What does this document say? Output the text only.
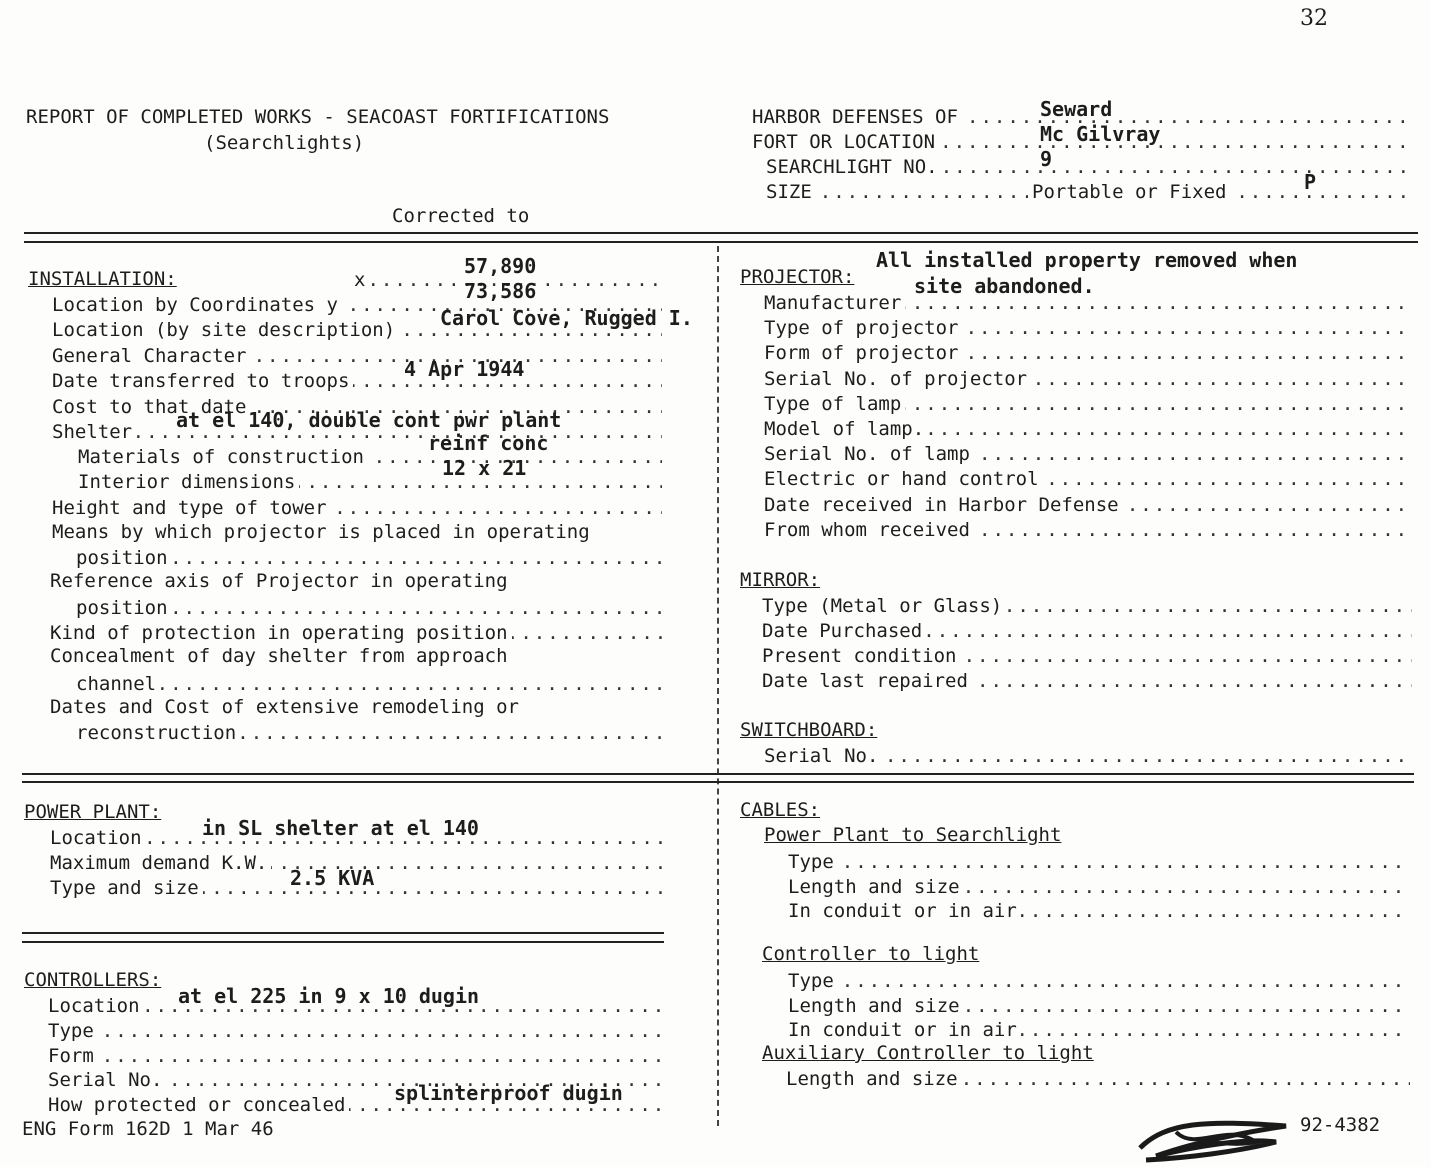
32
REPORT OF COMPLETED WORKS - SEACOAST FORTIFICATIONS
(Searchlights)
Corrected to
.....
HARBOR DEFENSES OF	Seward
.....
FORT OR LOCATION	Mc Gilvray
.....
SEARCHLIGHT NO.	9
.....
SIZE	Portable or Fixed	P
INSTALLATION:
.....	x
57,890
.....
Location by Coordinates y
73,586
.....
Location (by site description) Carol Cove, Rugged I.
.....
General Character
.....
Date transferred to troops	4 Apr 1944
.....
Cost to that date
.....
Shelter at el 140, double cont pwr plant
.....
Materials of construction
reinf conc
.....
Interior dimensions
12 x 21
.....
Height and type of tower
Means by which projector is placed in operating
.....
position
Reference axis of Projector in operating
.....
position
.....
Kind of protection in operating position
Concealment of day shelter from approach
.....
channel
Dates and Cost of extensive remodeling or
.....
reconstruction
PROJECTOR:
All installed property removed when
site abandoned.
.....
Manufacturer
.....
Type of projector
.....
Form of projector
.....
Serial No. of projector
.....
Type of lamp
.....
Model of lamp.
.....
Serial No. of lamp
.....
Electric or hand control
.....
Date received in Harbor Defense
.....
From whom received
MIRROR:
.....
Type (Metal or Glass)
.....
Date Purchased
.....
Present condition
.....
Date last repaired
SWITCHBOARD:
.....
Serial No.
POWER PLANT:
.....
Location	in SL shelter at el 140
.....
Maximum demand K.W.
.....
Type and size	2.5 KVA
CONTROLLERS:
.....
Location at el 225 in 9 x 10 dugin
.....
Type
.....
Form
.....
Serial No.
.....
How protected or concealed splinterproof dugin
CABLES:
Power Plant to Searchlight
.....
Type
.....
Length and size
.....
In conduit or in air
Controller to light
.....
Type
.....
Length and size
.....
In conduit or in air
Auxiliary Controller to light
.....
Length and size
ENG Form 162D 1 Mar 46	92-4382
